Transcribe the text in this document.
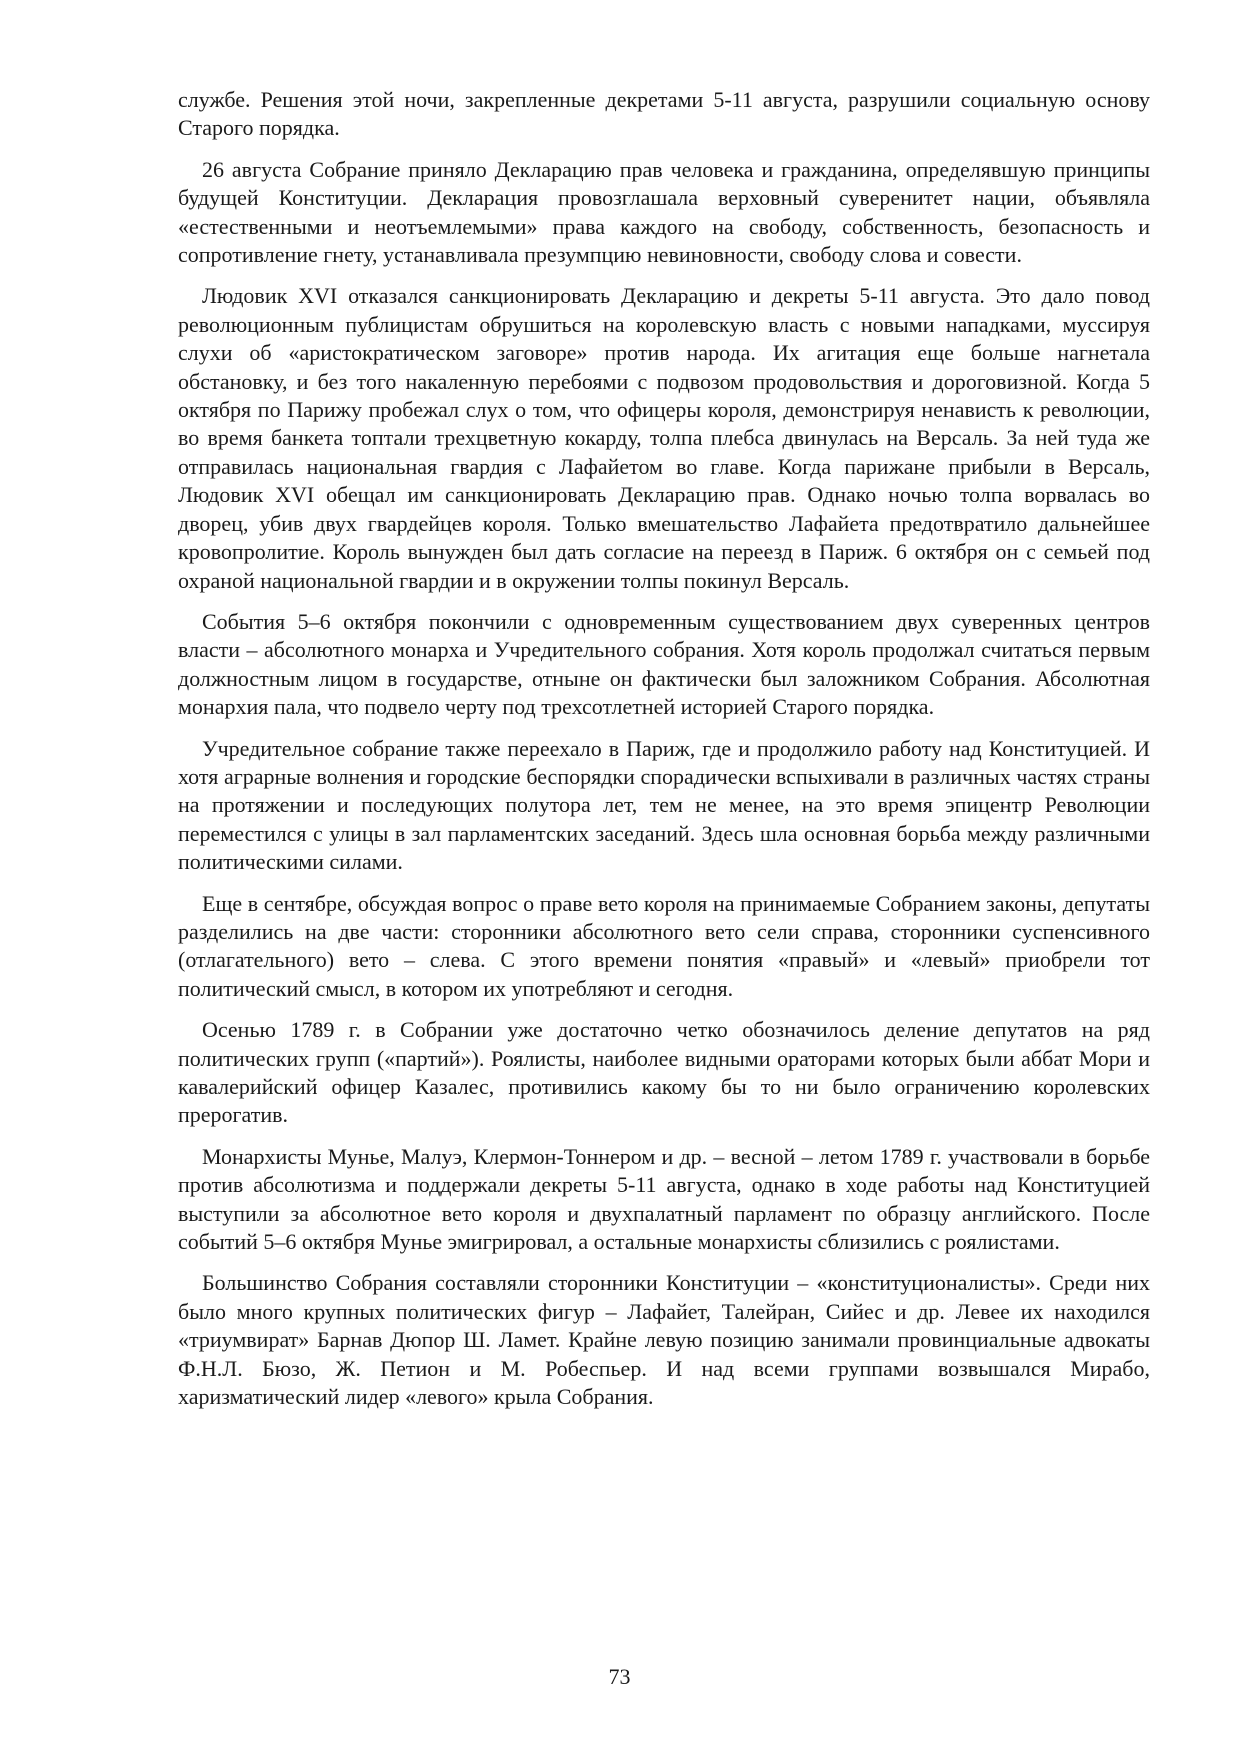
службе. Решения этой ночи, закрепленные декретами 5-11 августа, разрушили социальную основу Старого порядка.

26 августа Собрание приняло Декларацию прав человека и гражданина, определявшую принципы будущей Конституции. Декларация провозглашала верховный суверенитет нации, объявляла «естественными и неотъемлемыми» права каждого на свободу, собственность, безопасность и сопротивление гнету, устанавливала презумпцию невиновности, свободу слова и совести.

Людовик XVI отказался санкционировать Декларацию и декреты 5-11 августа. Это дало повод революционным публицистам обрушиться на королевскую власть с новыми нападками, муссируя слухи об «аристократическом заговоре» против народа. Их агитация еще больше нагнетала обстановку, и без того накаленную перебоями с подвозом продовольствия и дороговизной. Когда 5 октября по Парижу пробежал слух о том, что офицеры короля, демонстрируя ненависть к революции, во время банкета топтали трехцветную кокарду, толпа плебса двинулась на Версаль. За ней туда же отправилась национальная гвардия с Лафайетом во главе. Когда парижане прибыли в Версаль, Людовик XVI обещал им санкционировать Декларацию прав. Однако ночью толпа ворвалась во дворец, убив двух гвардейцев короля. Только вмешательство Лафайета предотвратило дальнейшее кровопролитие. Король вынужден был дать согласие на переезд в Париж. 6 октября он с семьей под охраной национальной гвардии и в окружении толпы покинул Версаль.

События 5–6 октября покончили с одновременным существованием двух суверенных центров власти – абсолютного монарха и Учредительного собрания. Хотя король продолжал считаться первым должностным лицом в государстве, отныне он фактически был заложником Собрания. Абсолютная монархия пала, что подвело черту под трехсотлетней историей Старого порядка.

Учредительное собрание также переехало в Париж, где и продолжило работу над Конституцией. И хотя аграрные волнения и городские беспорядки спорадически вспыхивали в различных частях страны на протяжении и последующих полутора лет, тем не менее, на это время эпицентр Революции переместился с улицы в зал парламентских заседаний. Здесь шла основная борьба между различными политическими силами.

Еще в сентябре, обсуждая вопрос о праве вето короля на принимаемые Собранием законы, депутаты разделились на две части: сторонники абсолютного вето сели справа, сторонники суспенсивного (отлагательного) вето – слева. С этого времени понятия «правый» и «левый» приобрели тот политический смысл, в котором их употребляют и сегодня.

Осенью 1789 г. в Собрании уже достаточно четко обозначилось деление депутатов на ряд политических групп («партий»). Роялисты, наиболее видными ораторами которых были аббат Мори и кавалерийский офицер Казалес, противились какому бы то ни было ограничению королевских прерогатив.

Монархисты Мунье, Малуэ, Клермон-Тоннером и др. – весной – летом 1789 г. участвовали в борьбе против абсолютизма и поддержали декреты 5-11 августа, однако в ходе работы над Конституцией выступили за абсолютное вето короля и двухпалатный парламент по образцу английского. После событий 5–6 октября Мунье эмигрировал, а остальные монархисты сблизились с роялистами.

Большинство Собрания составляли сторонники Конституции – «конституционалисты». Среди них было много крупных политических фигур – Лафайет, Талейран, Сийес и др. Левее их находился «триумвират» Барнав Дюпор Ш. Ламет. Крайне левую позицию занимали провинциальные адвокаты Ф.Н.Л. Бюзо, Ж. Петион и М. Робеспьер. И над всеми группами возвышался Мирабо, харизматический лидер «левого» крыла Собрания.

73
